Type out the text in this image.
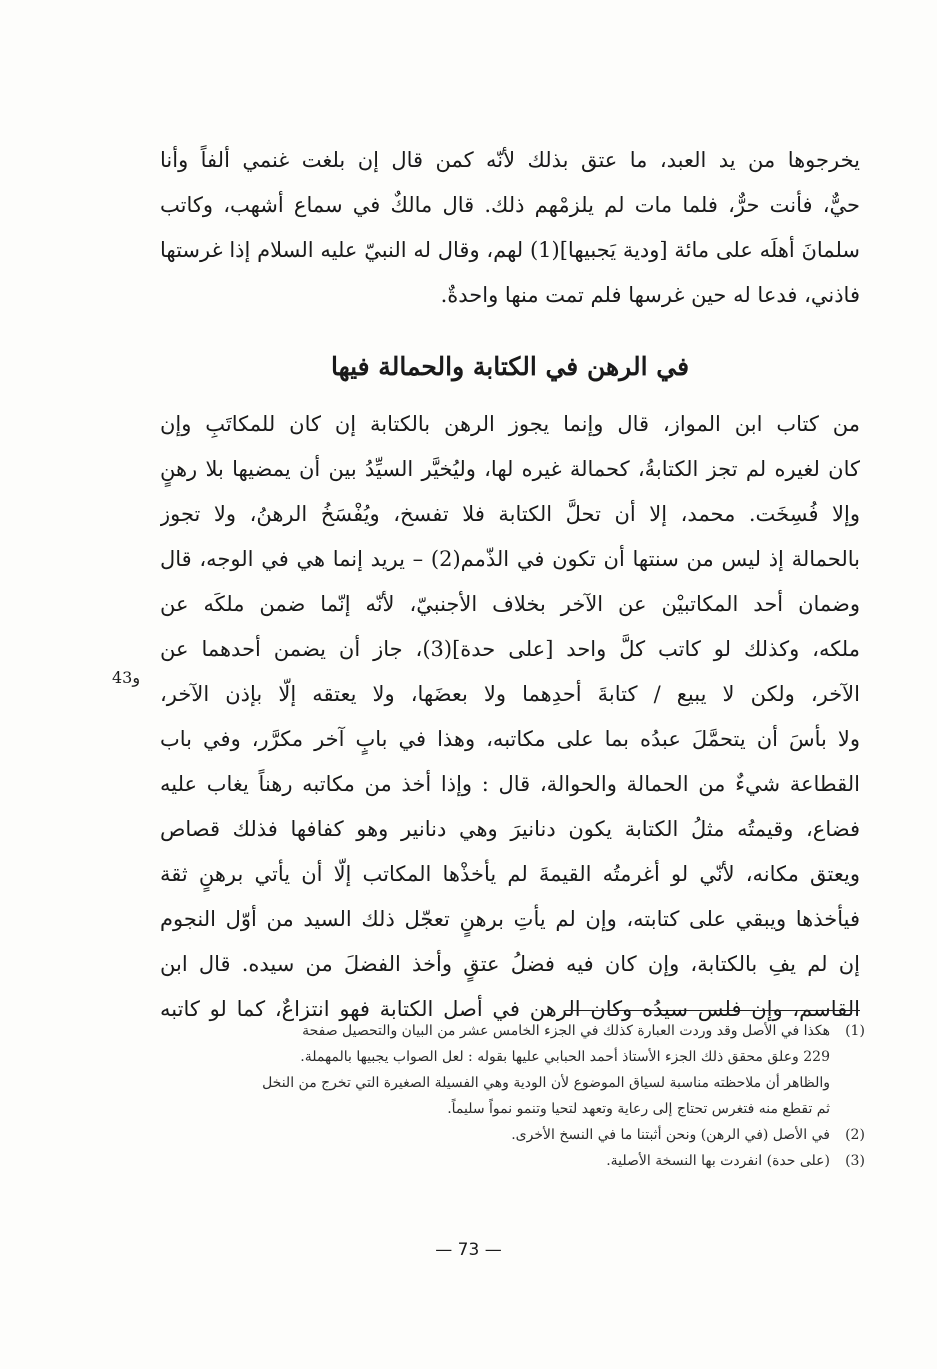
يخرجوها من يد العبد، ما عتق بذلك لأنّه كمن قال إن بلغت غنمي ألفاً وأنا
حيٌّ، فأنت حرٌّ، فلما مات لم يلزمْهم ذلك. قال مالكٌ في سماع أشهب، وكاتب
سلمانَ أهلَه على مائة [ودية يَجبيها](1) لهم، وقال له النبيّ عليه السلام إذا غرستها
فاذني، فدعا له حين غرسها فلم تمت منها واحدةٌ.
في الرهن في الكتابة والحمالة فيها
من كتاب ابن المواز، قال وإنما يجوز الرهن بالكتابة إن كان للمكاتَبِ وإن
كان لغيره لم تجز الكتابةُ، كحمالة غيره لها، وليُخيَّر السيِّدُ بين أن يمضيها بلا رهنٍ
وإلا فُسِخَت. محمد، إلا أن تحلَّ الكتابة فلا تفسخ، ويُفْسَخُ الرهنُ، ولا تجوز
بالحمالة إذ ليس من سنتها أن تكون في الذّمم(2) – يريد إنما هي في الوجه، قال
وضمان أحد المكاتبيْن عن الآخر بخلاف الأجنبيّ، لأنّه إنّما ضمن ملكَه عن
ملكه، وكذلك لو كاتب كلَّ واحد [على حدة](3)، جاز أن يضمن أحدهما عن
الآخر، ولكن لا يبيع / كتابةَ أحدِهما ولا بعضَها، ولا يعتقه إلّا بإذن الآخر،
ولا بأسَ أن يتحمَّلَ عبدُه بما على مكاتبه، وهذا في بابٍ آخر مكرَّر، وفي باب
القطاعة شيءٌ من الحمالة والحوالة، قال : وإذا أخذ من مكاتبه رهناً يغاب عليه
فضاع، وقيمتُه مثلُ الكتابة يكون دنانيرَ وهي دنانير وهو كفافها فذلك قصاص
ويعتق مكانه، لأنّي لو أغرمتُه القيمةَ لم يأخذْها المكاتب إلّا أن يأتي برهنٍ ثقة
فيأخذها ويبقي على كتابته، وإن لم يأتِ برهنٍ تعجّل ذلك السيد من أوّل النجوم
إن لم يفِ بالكتابة، وإن كان فيه فضلُ عتقٍ وأخذ الفضلَ من سيده. قال ابن
القاسم، وإن فلس سيدُه وكان الرهن في أصل الكتابة فهو انتزاعٌ، كما لو كاتبه
43و
(1)
هكذا في الأصل وقد وردت العبارة كذلك في الجزء الخامس عشر من البيان والتحصيل صفحة
229 وعلق محقق ذلك الجزء الأستاذ أحمد الحبابي عليها بقوله : لعل الصواب يجبيها بالمهملة.
والظاهر أن ملاحظته مناسبة لسياق الموضوع لأن الودية وهي الفسيلة الصغيرة التي تخرج من النخل
ثم تقطع منه فتغرس تحتاج إلى رعاية وتعهد لتحيا وتنمو نمواً سليماً.
(2)
في الأصل (في الرهن) ونحن أثبتنا ما في النسخ الأخرى.
(3)
(على حدة) انفردت بها النسخة الأصلية.
— 73 —
